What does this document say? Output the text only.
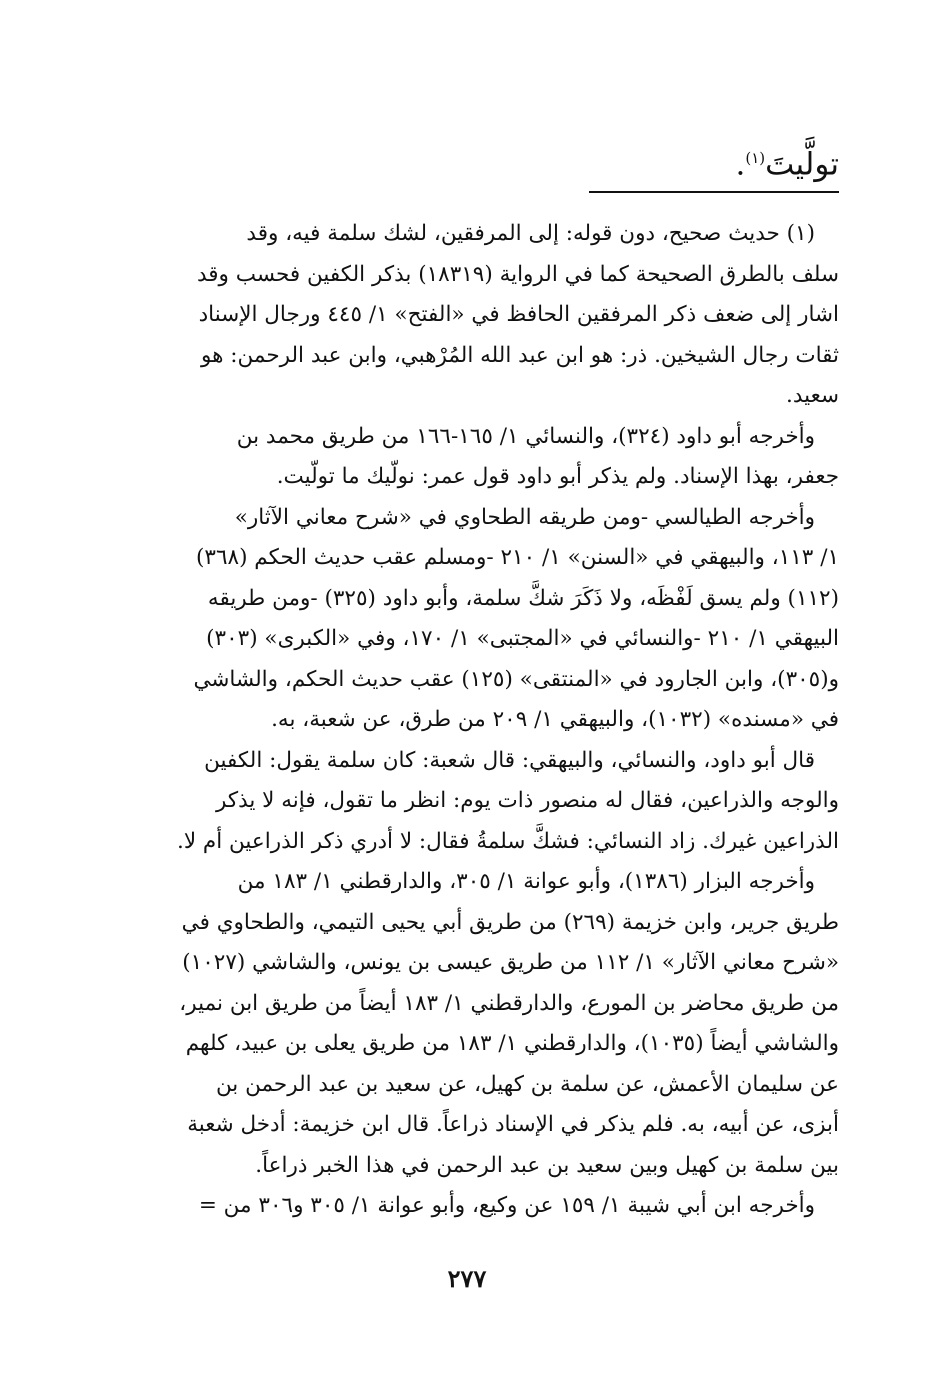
تولَّيتَ$^{(١)}$.

(١) حديث صحيح، دون قوله: إلى المرفقين، لشك سلمة فيه، وقد
سلف بالطرق الصحيحة كما في الرواية (١٨٣١٩) بذكر الكفين فحسب وقد
اشار إلى ضعف ذكر المرفقين الحافظ في «الفتح» ١/ ٤٤٥ ورجال الإسناد
ثقات رجال الشيخين. ذر: هو ابن عبد الله المُرْهبي، وابن عبد الرحمن: هو
سعيد.

وأخرجه أبو داود (٣٢٤)، والنسائي ١/ ١٦٥-١٦٦ من طريق محمد بن
جعفر، بهذا الإسناد. ولم يذكر أبو داود قول عمر: نولّيك ما تولّيت.

وأخرجه الطيالسي -ومن طريقه الطحاوي في «شرح معاني الآثار»
١/ ١١٣، والبيهقي في «السنن» ١/ ٢١٠ -ومسلم عقب حديث الحكم (٣٦٨)
(١١٢) ولم يسق لَفْظَه، ولا ذَكَرَ شكَّ سلمة، وأبو داود (٣٢٥) -ومن طريقه
البيهقي ١/ ٢١٠ -والنسائي في «المجتبى» ١/ ١٧٠، وفي «الكبرى» (٣٠٣)
و(٣٠٥)، وابن الجارود في «المنتقى» (١٢٥) عقب حديث الحكم، والشاشي
في «مسنده» (١٠٣٢)، والبيهقي ١/ ٢٠٩ من طرق، عن شعبة، به.

قال أبو داود، والنسائي، والبيهقي: قال شعبة: كان سلمة يقول: الكفين
والوجه والذراعين، فقال له منصور ذات يوم: انظر ما تقول، فإنه لا يذكر
الذراعين غيرك. زاد النسائي: فشكَّ سلمةُ فقال: لا أدري ذكر الذراعين أم لا.

وأخرجه البزار (١٣٨٦)، وأبو عوانة ١/ ٣٠٥، والدارقطني ١/ ١٨٣ من
طريق جرير، وابن خزيمة (٢٦٩) من طريق أبي يحيى التيمي، والطحاوي في
«شرح معاني الآثار» ١/ ١١٢ من طريق عيسى بن يونس، والشاشي (١٠٢٧)
من طريق محاضر بن المورع، والدارقطني ١/ ١٨٣ أيضاً من طريق ابن نمير،
والشاشي أيضاً (١٠٣٥)، والدارقطني ١/ ١٨٣ من طريق يعلى بن عبيد، كلهم
عن سليمان الأعمش، عن سلمة بن كهيل، عن سعيد بن عبد الرحمن بن
أبزى، عن أبيه، به. فلم يذكر في الإسناد ذراعاً. قال ابن خزيمة: أدخل شعبة
بين سلمة بن كهيل وبين سعيد بن عبد الرحمن في هذا الخبر ذراعاً.

وأخرجه ابن أبي شيبة ١/ ١٥٩ عن وكيع، وأبو عوانة ١/ ٣٠٥ و٣٠٦ من =

٢٧٧
